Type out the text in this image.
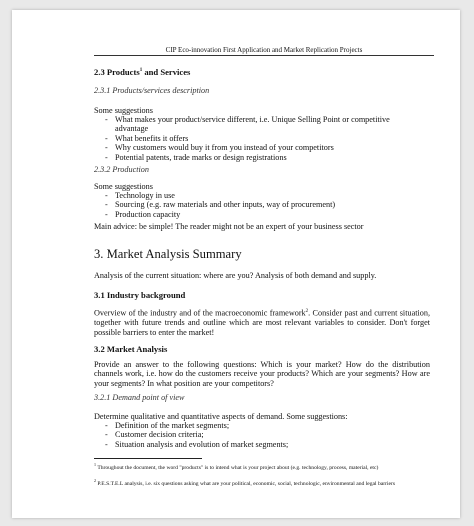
CIP Eco-innovation First Application and Market Replication Projects
2.3 Products$^1$ and Services
2.3.1 Products/services description
Some suggestions
- What makes your product/service different, i.e. Unique Selling Point or competitive advantage
- What benefits it offers
- Why customers would buy it from you instead of your competitors
- Potential patents, trade marks or design registrations
2.3.2 Production
Some suggestions
- Technology in use
- Sourcing (e.g. raw materials and other inputs, way of procurement)
- Production capacity
Main advice: be simple! The reader might not be an expert of your business sector
3. Market Analysis Summary
Analysis of the current situation: where are you? Analysis of both demand and supply.
3.1 Industry background
Overview of the industry and of the macroeconomic framework$^2$. Consider past and current situation, together with future trends and outline which are most relevant variables to consider. Don't forget possible barriers to enter the market!
3.2 Market Analysis
Provide an answer to the following questions: Which is your market? How do the distribution channels work, i.e. how do the customers receive your products? Which are your segments? How are your segments? In what position are your competitors?
3.2.1 Demand point of view
Determine qualitative and quantitative aspects of demand. Some suggestions:
- Definition of the market segments;
- Customer decision criteria;
- Situation analysis and evolution of market segments;
$^1$ Throughout the document, the word "products" is to intend what is your project about (e.g. technology, process, material, etc)
$^2$ P.E.S.T.E.L analysis, i.e. six questions asking what are your political, economic, social, technologic, environmental and legal barriers
